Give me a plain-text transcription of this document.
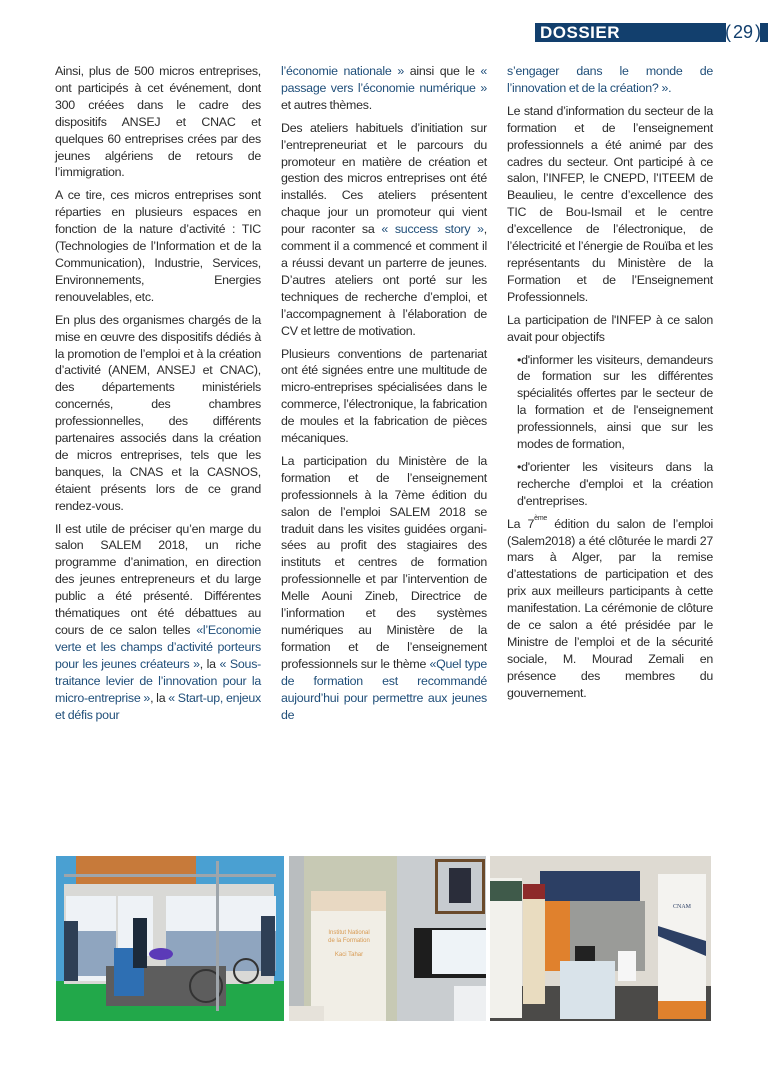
DOSSIER	( 29 )

Ainsi, plus de 500 micros entreprises, ont participés à cet événement, dont 300 créées dans le cadre des dispositifs ANSEJ et CNAC et quelques 60 entreprises crées par des jeunes algériens de retours de l’immigration.

A ce tire, ces micros entreprises sont réparties en plusieurs espaces en fonction de la nature d’activité : TIC (Technologies de l’Information et de la Communication), Industrie, Services, Environnements, Energies renouvelables, etc.

En plus des organismes chargés de la mise en œuvre des dispositifs dédiés à la promotion de l’emploi et à la création d’activité (ANEM, ANSEJ et CNAC), des départements ministériels concernés, des chambres professionnelles, des différents partenaires associés dans la création de micros entreprises, tels que les banques, la CNAS et la CASNOS, étaient présents lors de ce grand rendez-vous.

Il est utile de préciser qu’en marge du salon SALEM 2018, un riche programme d’animation, en direction des jeunes entrepreneurs et du large public a été présenté. Différentes thématiques ont été débattues au cours de ce salon telles «l’Economie verte et les champs d’activité porteurs pour les jeunes créateurs », la « Sous-traitance levier de l’innovation pour la micro-entreprise », la « Start-up, enjeux et défis pour

l’économie nationale » ainsi que le « passage vers l’économie numérique » et autres thèmes.

Des ateliers habituels d’initiation sur l’entrepreneuriat et le parcours du promoteur en matière de création et gestion des micros entreprises ont été installés. Ces ateliers présentent chaque jour un promoteur qui vient pour raconter sa « success story », comment il a commencé et comment il a réussi devant un parterre de jeunes. D’autres ateliers ont porté sur les techniques de recherche d’emploi, et l’accompagnement à l’élaboration de CV et lettre de motivation.

Plusieurs conventions de partenariat ont été signées entre une multitude de micro-entreprises spécialisées dans le commerce, l’électronique, la fabrication de moules et la fabrication de pièces mécaniques.

La participation du Ministère de la formation et de l’enseignement professionnels à la 7ème édition du salon de l’emploi SALEM 2018 se traduit dans les visites guidées organisées au profit des stagiaires des instituts et centres de formation professionnelle et par l’intervention de Melle Aouni Zineb, Directrice de l’information et des systèmes numériques au Ministère de la formation et de l’enseignement professionnels sur le thème «Quel type de formation est recommandé aujourd’hui pour permettre aux jeunes de

s’engager dans le monde de l’innovation et de la création? ».

Le stand d’information du secteur de la formation et de l’enseignement professionnels a été animé par des cadres du secteur. Ont participé à ce salon, l’INFEP, le CNEPD, l’ITEEM de Beaulieu, le centre d’excellence des TIC de Bou-Ismail et le centre d’excellence de l’électronique, de l’électricité et l’énergie de Rouïba et les représentants du Ministère de la Formation et de l’Enseignement Professionnels.

La participation de l'INFEP à ce salon avait pour objectifs

•d'informer les visiteurs, demandeurs de formation sur les différentes spécialités offertes par le secteur de la formation et de l'enseignement professionnels, ainsi que sur les modes de formation,

•d'orienter les visiteurs dans la recherche d'emploi et la création d'entreprises.

La 7ème édition du salon de l’emploi (Salem2018) a été clôturée le mardi 27 mars à Alger, par la remise d’attestations de participation et des prix aux meilleurs participants à cette manifestation. La cérémonie de clôture de ce salon a été présidée par le Ministre de l’emploi et de la sécurité sociale, M. Mourad Zemali en présence des membres du gouvernement.

Institut National
de la Formation
Kaci Tahar
CNAM
